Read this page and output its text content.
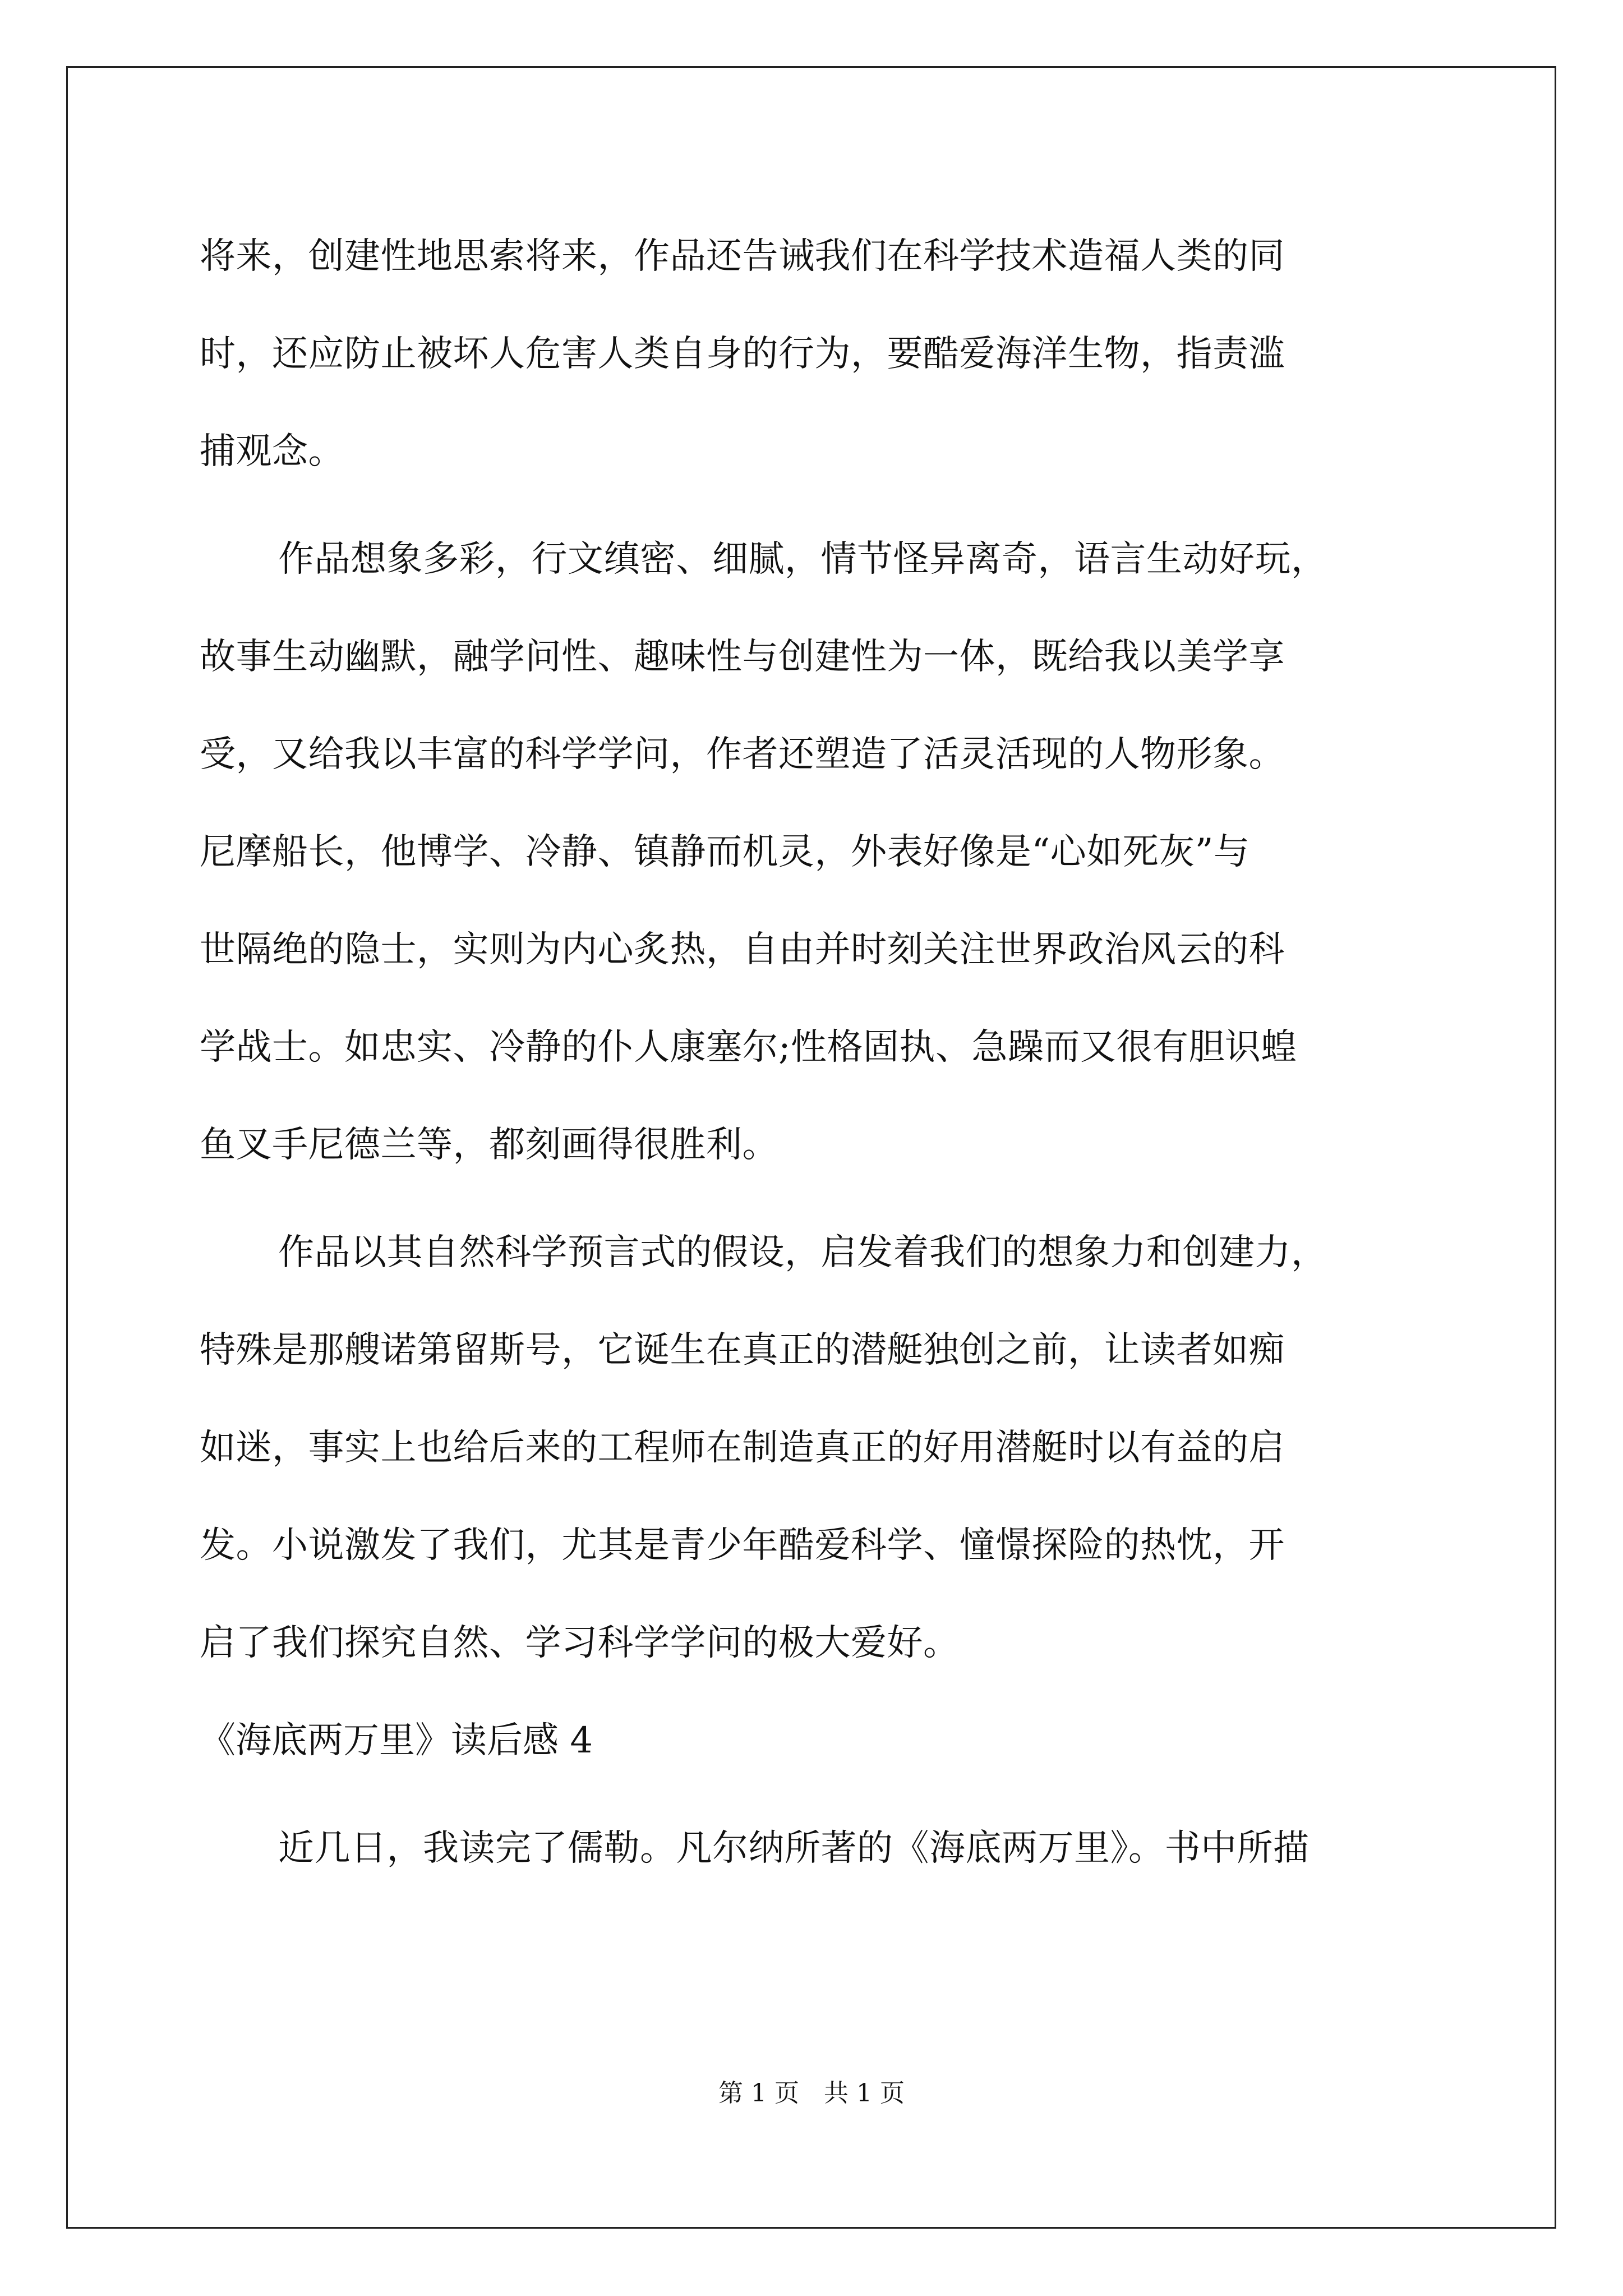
将来，创建性地思索将来，作品还告诫我们在科学技术造福人类的同
时，还应防止被坏人危害人类自身的行为，要酷爱海洋生物，指责滥
捕观念。
作品想象多彩，行文缜密、细腻，情节怪异离奇，语言生动好玩，
故事生动幽默，融学问性、趣味性与创建性为一体，既给我以美学享
受，又给我以丰富的科学学问，作者还塑造了活灵活现的人物形象。
尼摩船长，他博学、冷静、镇静而机灵，外表好像是“心如死灰”与
世隔绝的隐士，实则为内心炙热，自由并时刻关注世界政治风云的科
学战士。如忠实、冷静的仆人康塞尔;性格固执、急躁而又很有胆识蝗
鱼叉手尼德兰等，都刻画得很胜利。
作品以其自然科学预言式的假设，启发着我们的想象力和创建力，
特殊是那艘诺第留斯号，它诞生在真正的潜艇独创之前，让读者如痴
如迷，事实上也给后来的工程师在制造真正的好用潜艇时以有益的启
发。小说激发了我们，尤其是青少年酷爱科学、憧憬探险的热忱，开
启了我们探究自然、学习科学学问的极大爱好。
《海底两万里》读后感 4
近几日，我读完了儒勒。凡尔纳所著的《海底两万里》。书中所描
第 1 页　共 1 页
